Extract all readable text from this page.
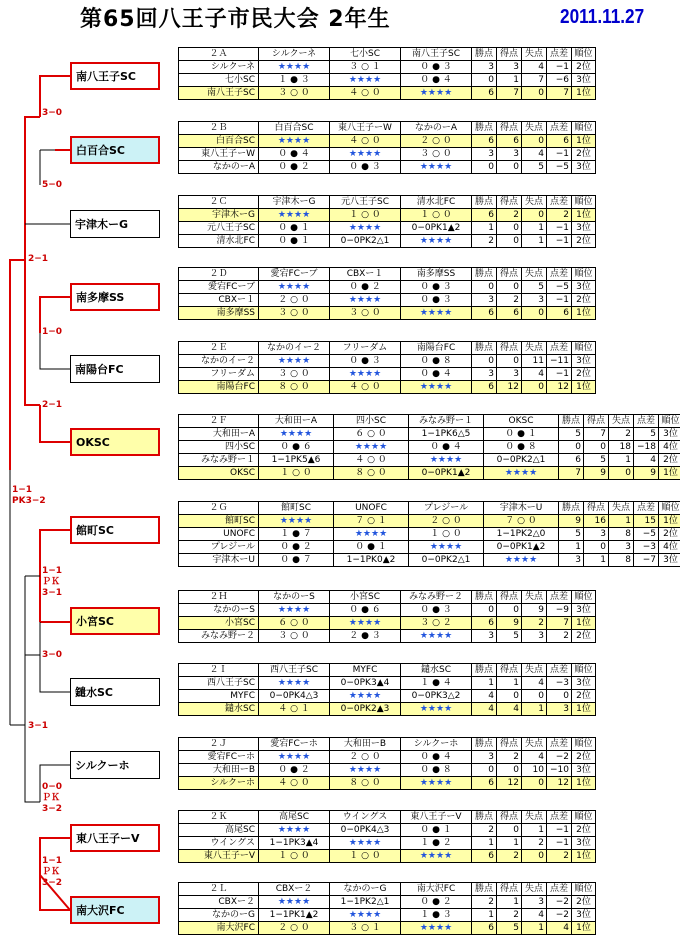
第65回八王子市民大会 2年生	2011.11.27
南八王子SC
白百合SC
宇津木ーG
南多摩SS
南陽台FC
OKSC
館町SC
小宮SC
鑓水SC
シルクーホ
東八王子ーV
南大沢FC
3−0
5−0
2−1
1−0
2−1
1−1
PK3−2
1−1
ＰＫ
3−1
3−0
3−1
0−0
ＰＫ
3−2
1−1
ＰＫ
3−2
２Ａ	シルクーネ	七小SC	南八王子SC	勝点	得点	失点	点差	順位
シルクーネ	★★★★	３ ○ １	０ ● ３	3	3	4	−1	2位
七小SC	１ ● ３	★★★★	０ ● ４	0	1	7	−6	3位
南八王子SC	３ ○ ０	４ ○ ０	★★★★	6	7	0	7	1位
２Ｂ	白百合SC	東八王子ーW	なかのーA	勝点	得点	失点	点差	順位
白百合SC	★★★★	４ ○ ０	２ ○ ０	6	6	0	6	1位
東八王子ーW	０ ● ４	★★★★	３ ○ ０	3	3	4	−1	2位
なかのーA	０ ● ２	０ ● ３	★★★★	0	0	5	−5	3位
２Ｃ	宇津木ーG	元八王子SC	清水北FC	勝点	得点	失点	点差	順位
宇津木ーG	★★★★	１ ○ ０	１ ○ ０	6	2	0	2	1位
元八王子SC	０ ● １	★★★★	0−0PK1▲2	1	0	1	−1	3位
清水北FC	０ ● １	0−0PK2△1	★★★★	2	0	1	−1	2位
２Ｄ	愛宕FCーブ	CBXー１	南多摩SS	勝点	得点	失点	点差	順位
愛宕FCーブ	★★★★	０ ● ２	０ ● ３	0	0	5	−5	3位
CBXー１	２ ○ ０	★★★★	０ ● ３	3	2	3	−1	2位
南多摩SS	３ ○ ０	３ ○ ０	★★★★	6	6	0	6	1位
２Ｅ	なかのイー２	フリーダム	南陽台FC	勝点	得点	失点	点差	順位
なかのイー２	★★★★	０ ● ３	０ ● ８	0	0	11	−11	3位
フリーダム	３ ○ ０	★★★★	０ ● ４	3	3	4	−1	2位
南陽台FC	８ ○ ０	４ ○ ０	★★★★	6	12	0	12	1位
２Ｆ	大和田ーA	四小SC	みなみ野ー１	OKSC	勝点	得点	失点	点差	順位
大和田ーA	★★★★	６ ○ ０	1−1PK6△5	０ ● １	5	7	2	5	3位
四小SC	０ ● ６	★★★★	０ ● ４	０ ● ８	0	0	18	−18	4位
みなみ野ー１	1−1PK5▲6	４ ○ ０	★★★★	0−0PK2△1	6	5	1	4	2位
OKSC	１ ○ ０	８ ○ ０	0−0PK1▲2	★★★★	7	9	0	9	1位
２Ｇ	館町SC	UNOFC	プレジール	宇津木ーU	勝点	得点	失点	点差	順位
館町SC	★★★★	７ ○ １	２ ○ ０	７ ○ ０	9	16	1	15	1位
UNOFC	１ ● ７	★★★★	１ ○ ０	1−1PK2△0	5	3	8	−5	2位
プレジール	０ ● ２	０ ● １	★★★★	0−0PK1▲2	1	0	3	−3	4位
宇津木ーU	０ ● ７	1−1PK0▲2	0−0PK2△1	★★★★	3	1	8	−7	3位
２Ｈ	なかのーS	小宮SC	みなみ野ー２	勝点	得点	失点	点差	順位
なかのーS	★★★★	０ ● ６	０ ● ３	0	0	9	−9	3位
小宮SC	６ ○ ０	★★★★	３ ○ ２	6	9	2	7	1位
みなみ野ー２	３ ○ ０	２ ● ３	★★★★	3	5	3	2	2位
２Ｉ	西八王子SC	MYFC	鑓水SC	勝点	得点	失点	点差	順位
西八王子SC	★★★★	0−0PK3▲4	１ ● ４	1	1	4	−3	3位
MYFC	0−0PK4△3	★★★★	0−0PK3△2	4	0	0	0	2位
鑓水SC	４ ○ １	0−0PK2▲3	★★★★	4	4	1	3	1位
２Ｊ	愛宕FCーホ	大和田ーB	シルクーホ	勝点	得点	失点	点差	順位
愛宕FCーホ	★★★★	２ ○ ０	０ ● ４	3	2	4	−2	2位
大和田ーB	０ ● ２	★★★★	０ ● ８	0	0	10	−10	3位
シルクーホ	４ ○ ０	８ ○ ０	★★★★	6	12	0	12	1位
２Ｋ	高尾SC	ウイングス	東八王子ーV	勝点	得点	失点	点差	順位
高尾SC	★★★★	0−0PK4△3	０ ● １	2	0	1	−1	2位
ウイングス	1−1PK3▲4	★★★★	１ ● ２	1	1	2	−1	3位
東八王子ーV	１ ○ ０	１ ○ ０	★★★★	6	2	0	2	1位
２Ｌ	CBXー２	なかのーG	南大沢FC	勝点	得点	失点	点差	順位
CBXー２	★★★★	1−1PK2△1	０ ● ２	2	1	3	−2	2位
なかのーG	1−1PK1▲2	★★★★	１ ● ３	1	2	4	−2	3位
南大沢FC	２ ○ ０	３ ○ １	★★★★	6	5	1	4	1位
